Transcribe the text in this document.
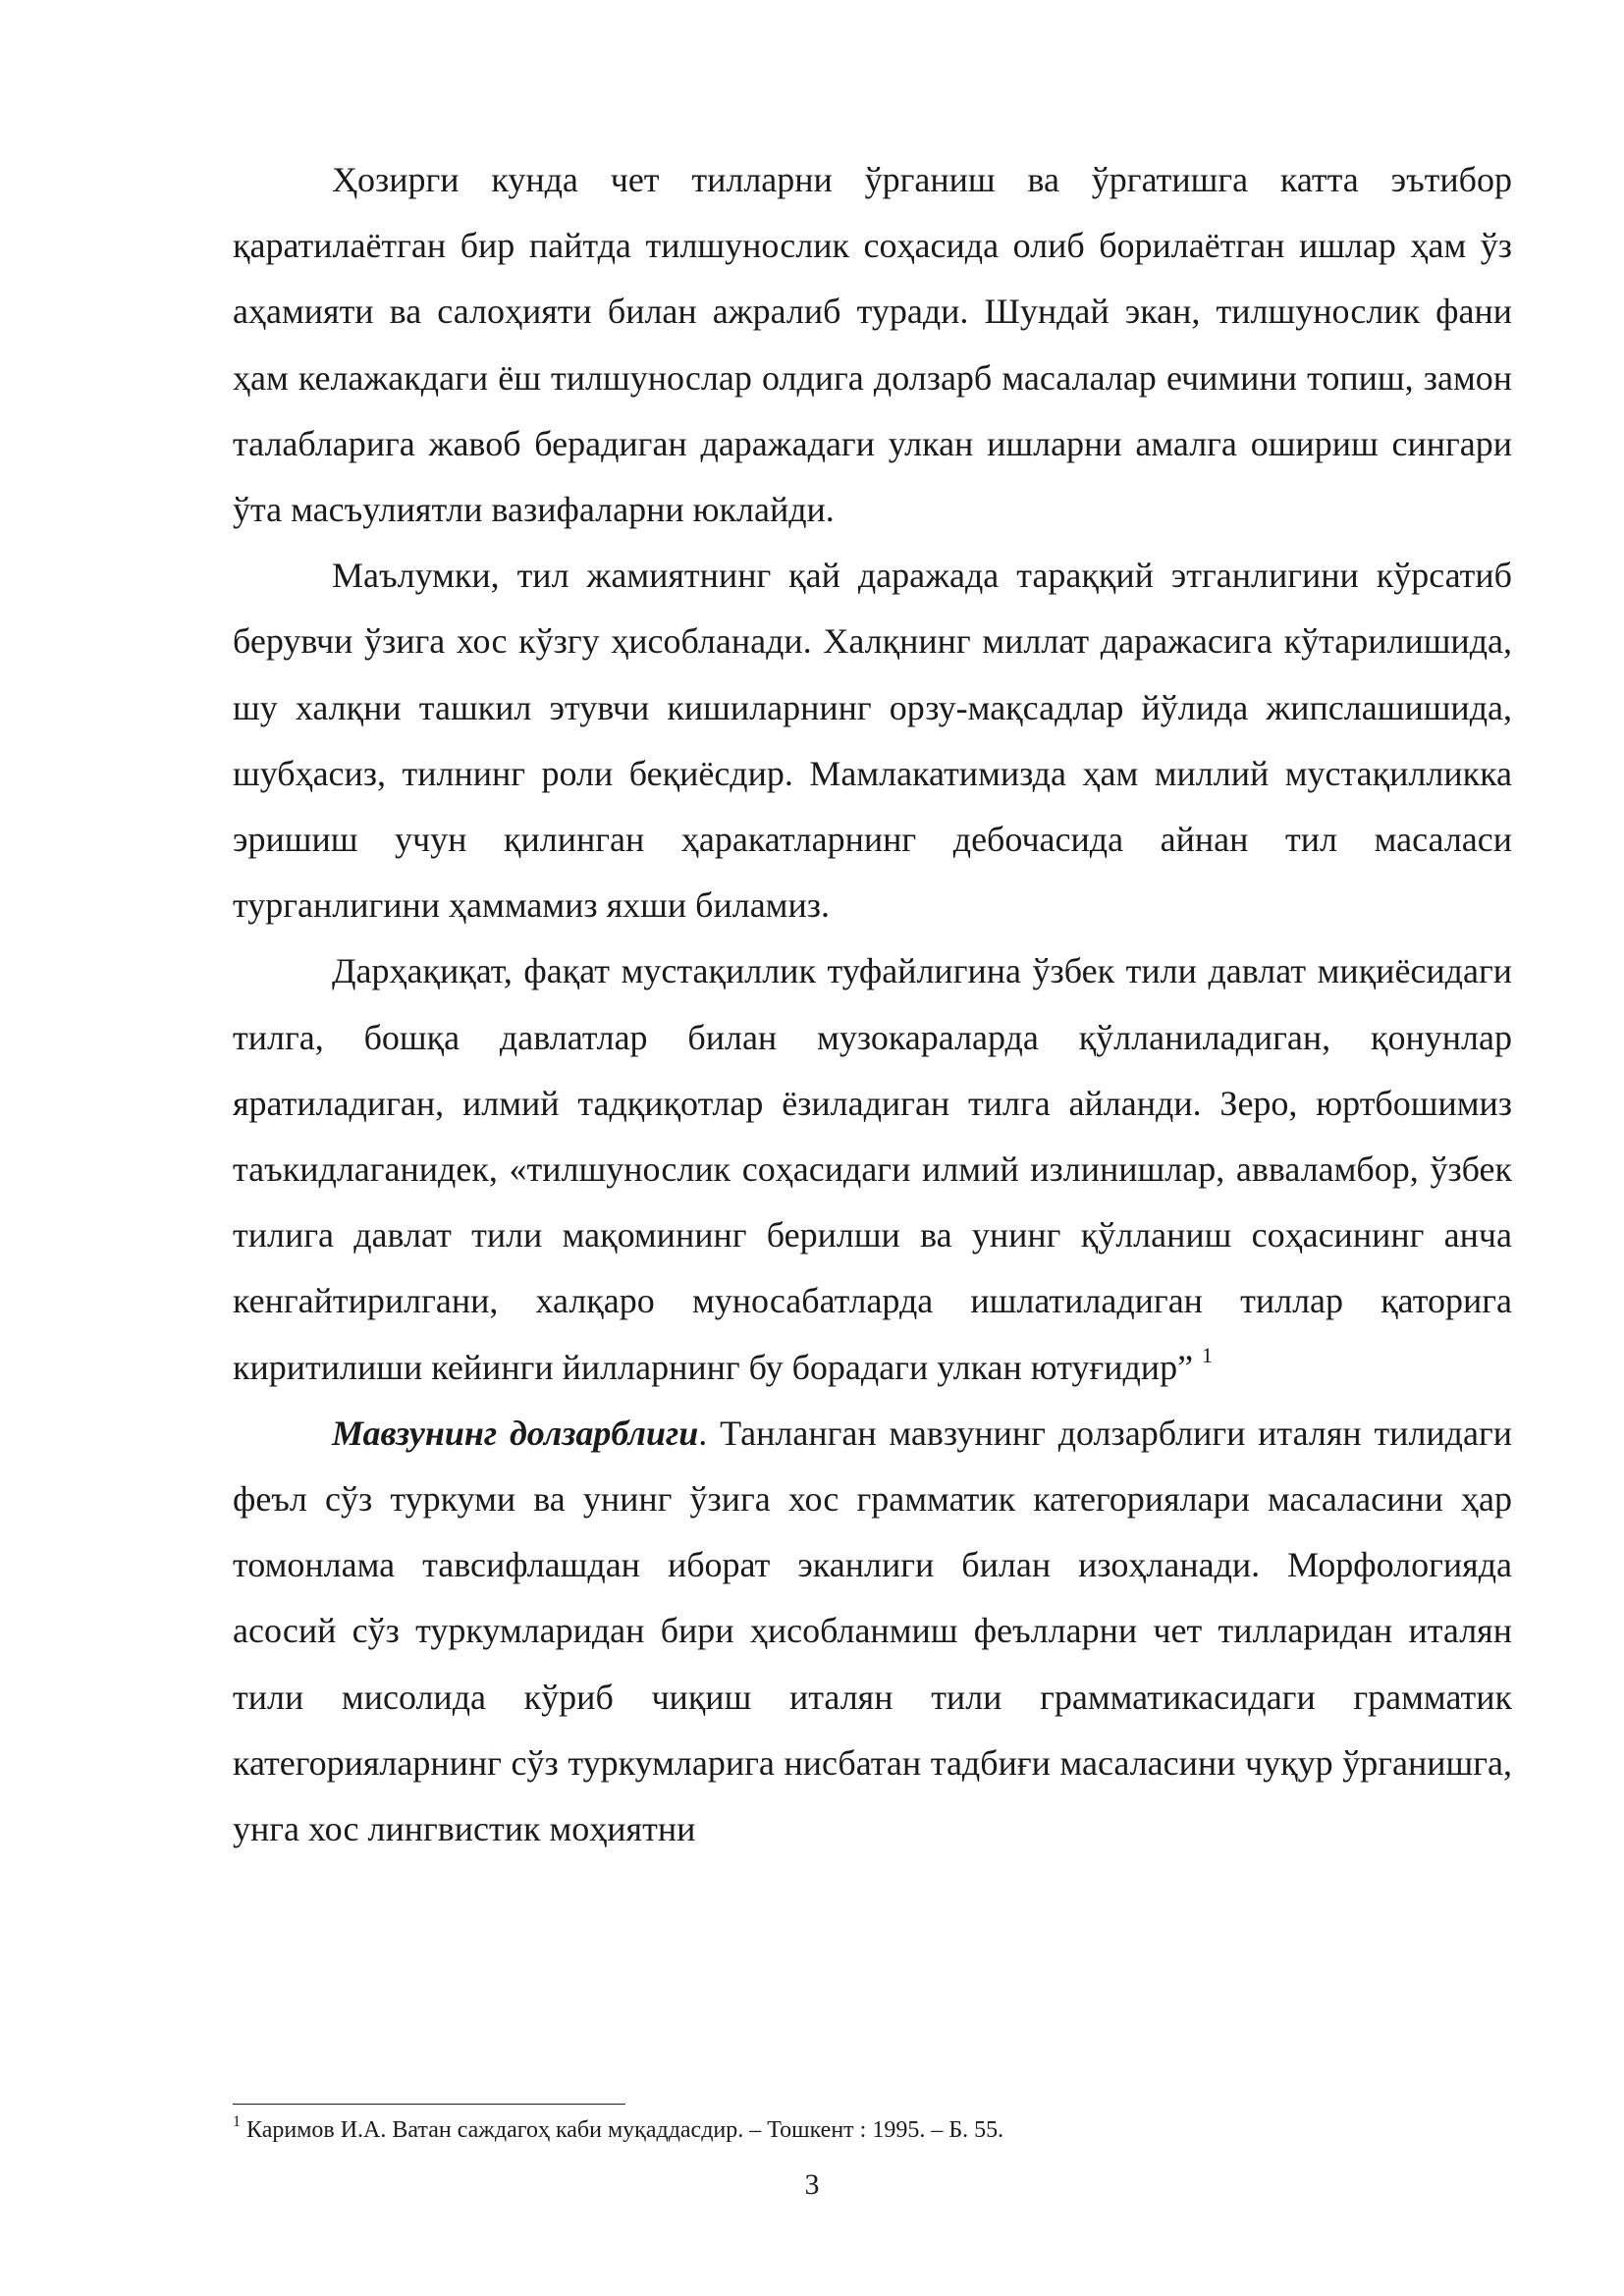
Ҳозирги кунда чет тилларни ўрганиш ва ўргатишга катта эътибор қаратилаётган бир пайтда тилшунослик соҳасида олиб борилаётган ишлар ҳам ўз аҳамияти ва салоҳияти билан ажралиб туради. Шундай экан, тилшунослик фани ҳам келажакдаги ёш тилшунослар олдига долзарб масалалар ечимини топиш, замон талабларига жавоб берадиган даражадаги улкан ишларни амалга ошириш сингари ўта масъулиятли вазифаларни юклайди.

Маълумки, тил жамиятнинг қай даражада тараққий этганлигини кўрсатиб берувчи ўзига хос кўзгу ҳисобланади. Халқнинг миллат даражасига кўтарилишида, шу халқни ташкил этувчи кишиларнинг орзу-мақсадлар йўлида жипслашишида, шубҳасиз, тилнинг роли беқиёсдир. Мамлакатимизда ҳам миллий мустақилликка эришиш учун қилинган ҳаракатларнинг дебочасида айнан тил масаласи турганлигини ҳаммамиз яхши биламиз.

Дарҳақиқат, фақат мустақиллик туфайлигина ўзбек тили давлат миқиёсидаги тилга, бошқа давлатлар билан музокараларда қўлланиладиган, қонунлар яратиладиган, илмий тадқиқотлар ёзиладиган тилга айланди. Зеро, юртбошимиз таъкидлаганидек, «тилшунослик соҳасидаги илмий излинишлар, авваламбор, ўзбек тилига давлат тили мақомининг берилши ва унинг қўлланиш соҳасининг анча кенгайтирилгани, халқаро муносабатларда ишлатиладиган тиллар қаторига киритилиши кейинги йилларнинг бу борадаги улкан ютуғидир” $^1$

Мавзунинг долзарблиги. Танланган мавзунинг долзарблиги италян тилидаги феъл сўз туркуми ва унинг ўзига хос грамматик категориялари масаласини ҳар томонлама тавсифлашдан иборат эканлиги билан изоҳланади. Морфологияда асосий сўз туркумларидан бири ҳисобланмиш феълларни чет тилларидан италян тили мисолида кўриб чиқиш италян тили грамматикасидаги грамматик категорияларнинг сўз туркумларига нисбатан тадбиғи масаласини чуқур ўрганишга, унга хос лингвистик моҳиятни

$^1$ Каримов И.А. Ватан саждагоҳ каби муқаддасдир. – Тошкент : 1995. – Б. 55.

3
